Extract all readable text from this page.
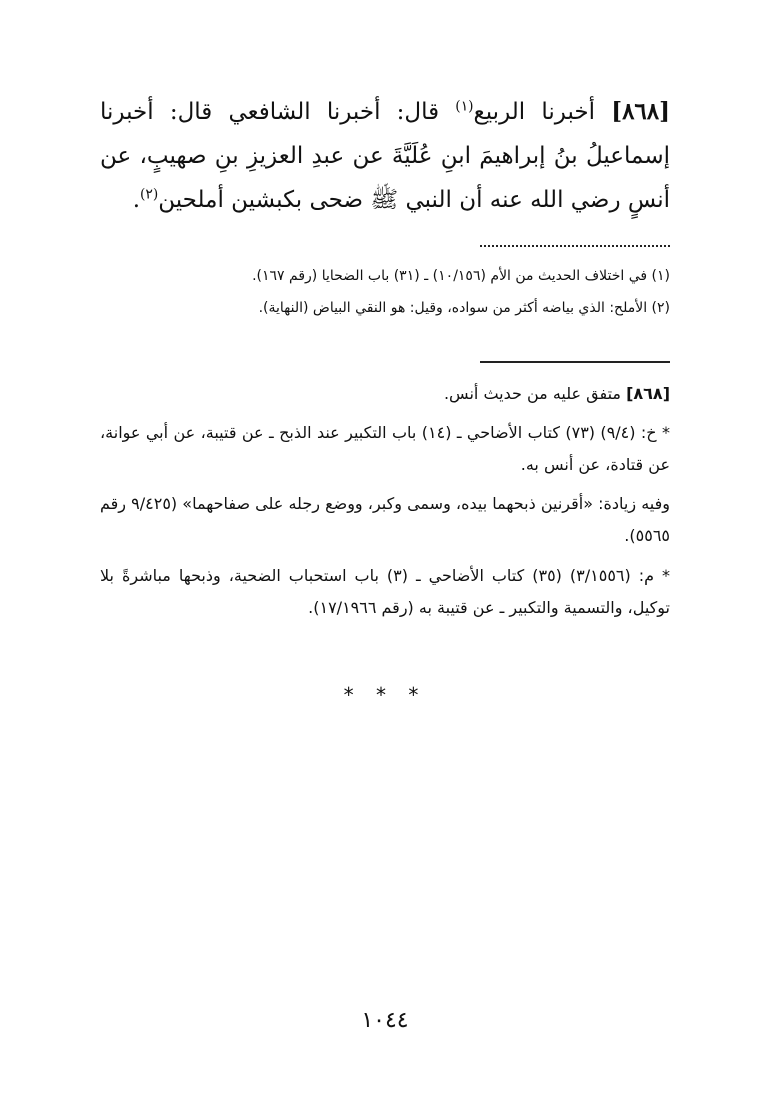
[٨٦٨] أخبرنا الربيع$^{(١)}$ قال: أخبرنا الشافعي قال: أخبرنا إسماعيلُ بنُ إبراهيمَ ابنِ عُلَيَّةَ عن عبدِ العزيزِ بنِ صهيبٍ، عن أنسٍ رضي الله عنه أن النبي ﷺ ضحى بكبشين أملحين$^{(٢)}$.

(١) في اختلاف الحديث من الأم (١٠/١٥٦) ـ (٣١) باب الضحايا (رقم ١٦٧).

(٢) الأملح: الذي بياضه أكثر من سواده، وقيل: هو النقي البياض (النهاية).

[٨٦٨] متفق عليه من حديث أنس.

* خ: (٩/٤) (٧٣) كتاب الأضاحي ـ (١٤) باب التكبير عند الذبح ـ عن قتيبة، عن أبي عوانة، عن قتادة، عن أنس به.

وفيه زيادة: «أقرنين ذبحهما بيده، وسمى وكبر، ووضع رجله على صفاحهما» (٩/٤٢٥ رقم ٥٥٦٥).

* م: (٣/١٥٥٦) (٣٥) كتاب الأضاحي ـ (٣) باب استحباب الضحية، وذبحها مباشرةً بلا توكيل، والتسمية والتكبير ـ عن قتيبة به (رقم ١٧/١٩٦٦).

* * *
١٠٤٤
